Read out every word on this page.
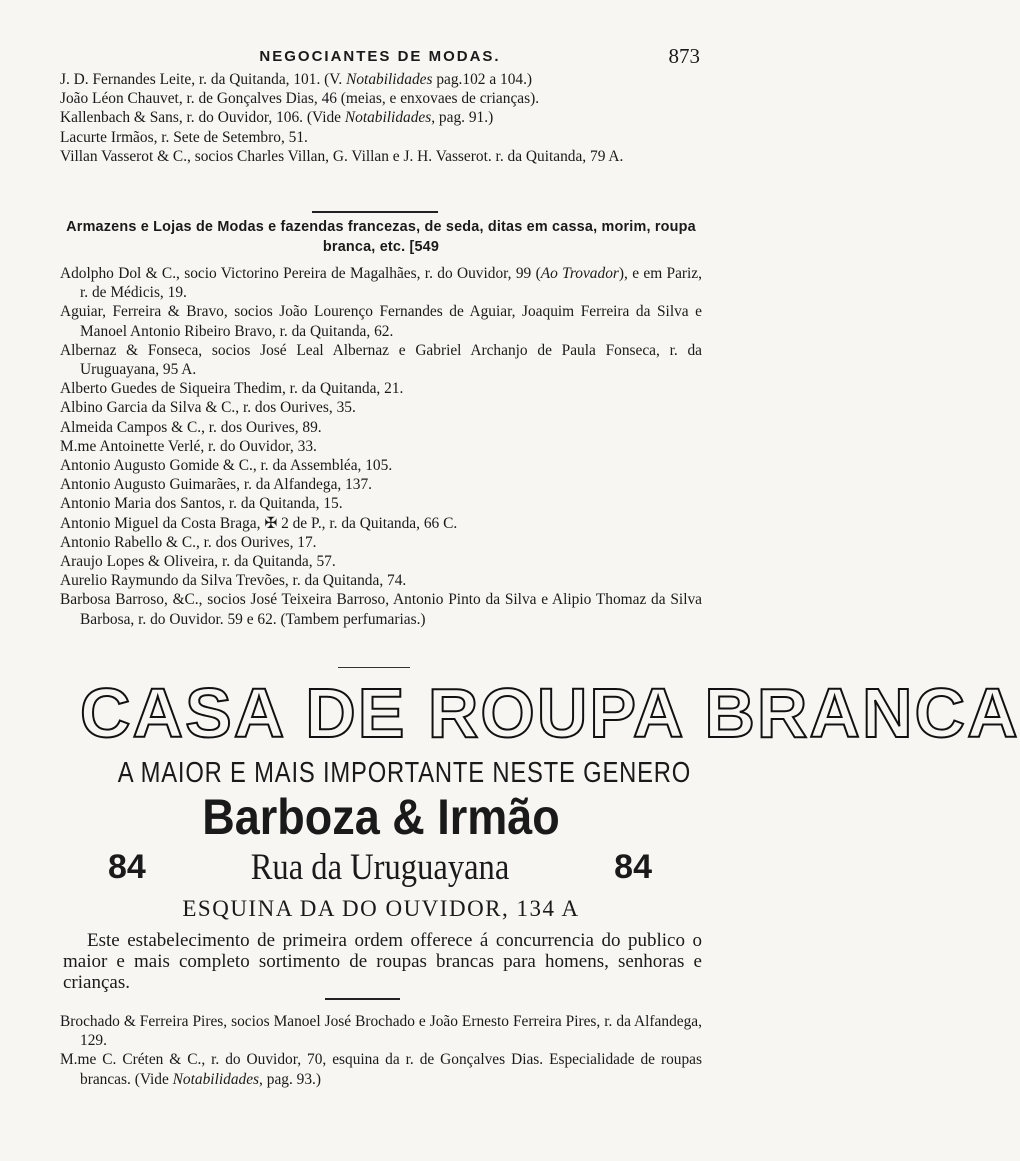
NEGOCIANTES DE MODAS.	873

J. D. Fernandes Leite, r. da Quitanda, 101. (V. Notabilidades pag.102 a 104.)

João Léon Chauvet, r. de Gonçalves Dias, 46 (meias, e enxovaes de crianças).

Kallenbach & Sans, r. do Ouvidor, 106. (Vide Notabilidades, pag. 91.)

Lacurte Irmãos, r. Sete de Setembro, 51.

Villan Vasserot & C., socios Charles Villan, G. Villan e J. H. Vasserot. r. da Quitanda, 79 A.

Armazens e Lojas de Modas e fazendas francezas, de seda, ditas em cassa, morim, roupa branca, etc. [549

Adolpho Dol & C., socio Victorino Pereira de Magalhães, r. do Ouvidor, 99 (Ao Trovador), e em Pariz, r. de Médicis, 19.

Aguiar, Ferreira & Bravo, socios João Lourenço Fernandes de Aguiar, Joaquim Ferreira da Silva e Manoel Antonio Ribeiro Bravo, r. da Quitanda, 62.

Albernaz & Fonseca, socios José Leal Albernaz e Gabriel Archanjo de Paula Fonseca, r. da Uruguayana, 95 A.

Alberto Guedes de Siqueira Thedim, r. da Quitanda, 21.

Albino Garcia da Silva & C., r. dos Ourives, 35.

Almeida Campos & C., r. dos Ourives, 89.

M.me Antoinette Verlé, r. do Ouvidor, 33.

Antonio Augusto Gomide & C., r. da Assembléa, 105.

Antonio Augusto Guimarães, r. da Alfandega, 137.

Antonio Maria dos Santos, r. da Quitanda, 15.

Antonio Miguel da Costa Braga, ✠ 2 de P., r. da Quitanda, 66 C.

Antonio Rabello & C., r. dos Ourives, 17.

Araujo Lopes & Oliveira, r. da Quitanda, 57.

Aurelio Raymundo da Silva Trevões, r. da Quitanda, 74.

Barbosa Barroso, &C., socios José Teixeira Barroso, Antonio Pinto da Silva e Alipio Thomaz da Silva Barbosa, r. do Ouvidor. 59 e 62. (Tambem perfumarias.)

CASA DE ROUPA BRANCA
A MAIOR E MAIS IMPORTANTE NESTE GENERO
Barboza & Irmão
84	Rua da Uruguayana	84
ESQUINA DA DO OUVIDOR, 134 A
Este estabelecimento de primeira ordem offerece á concurrencia do publico o maior e mais completo sortimento de roupas brancas para homens, senhoras e crianças.

Brochado & Ferreira Pires, socios Manoel José Brochado e João Ernesto Ferreira Pires, r. da Alfandega, 129.

M.me C. Créten & C., r. do Ouvidor, 70, esquina da r. de Gonçalves Dias. Especialidade de roupas brancas. (Vide Notabilidades, pag. 93.)
